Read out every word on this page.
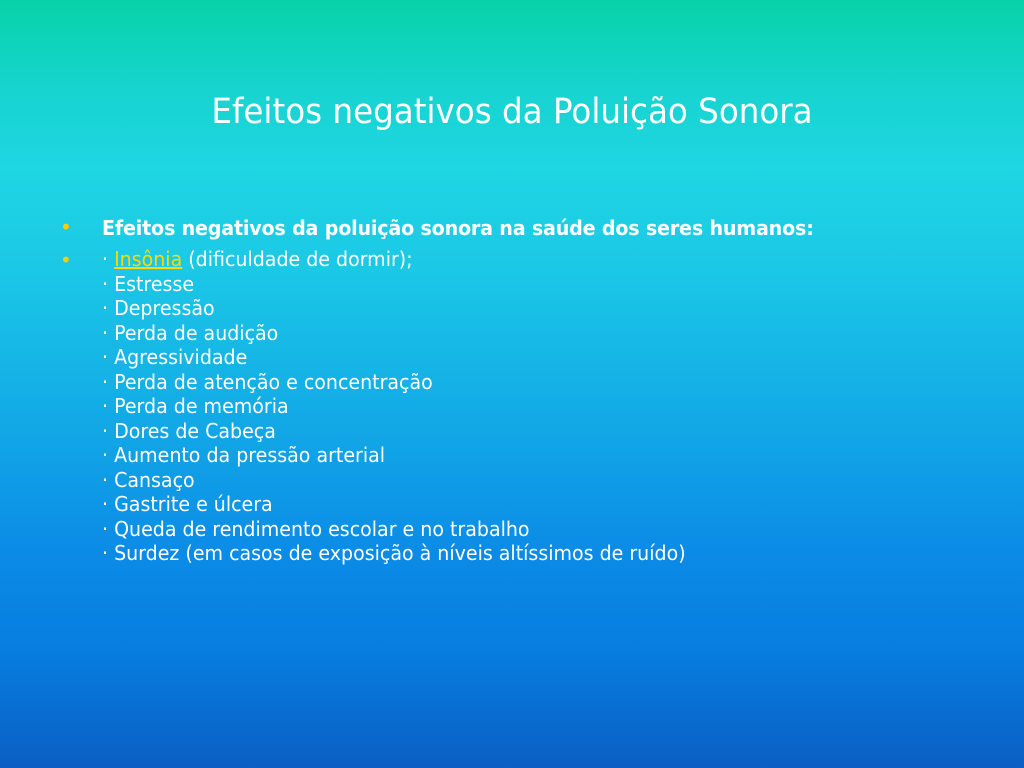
Efeitos negativos da Poluição Sonora
• Efeitos negativos da poluição sonora na saúde dos seres humanos:
• · Insônia (dificuldade de dormir);
· Estresse
· Depressão
· Perda de audição
· Agressividade
· Perda de atenção e concentração
· Perda de memória
· Dores de Cabeça
· Aumento da pressão arterial
· Cansaço
· Gastrite e úlcera
· Queda de rendimento escolar e no trabalho
· Surdez (em casos de exposição à níveis altíssimos de ruído)
